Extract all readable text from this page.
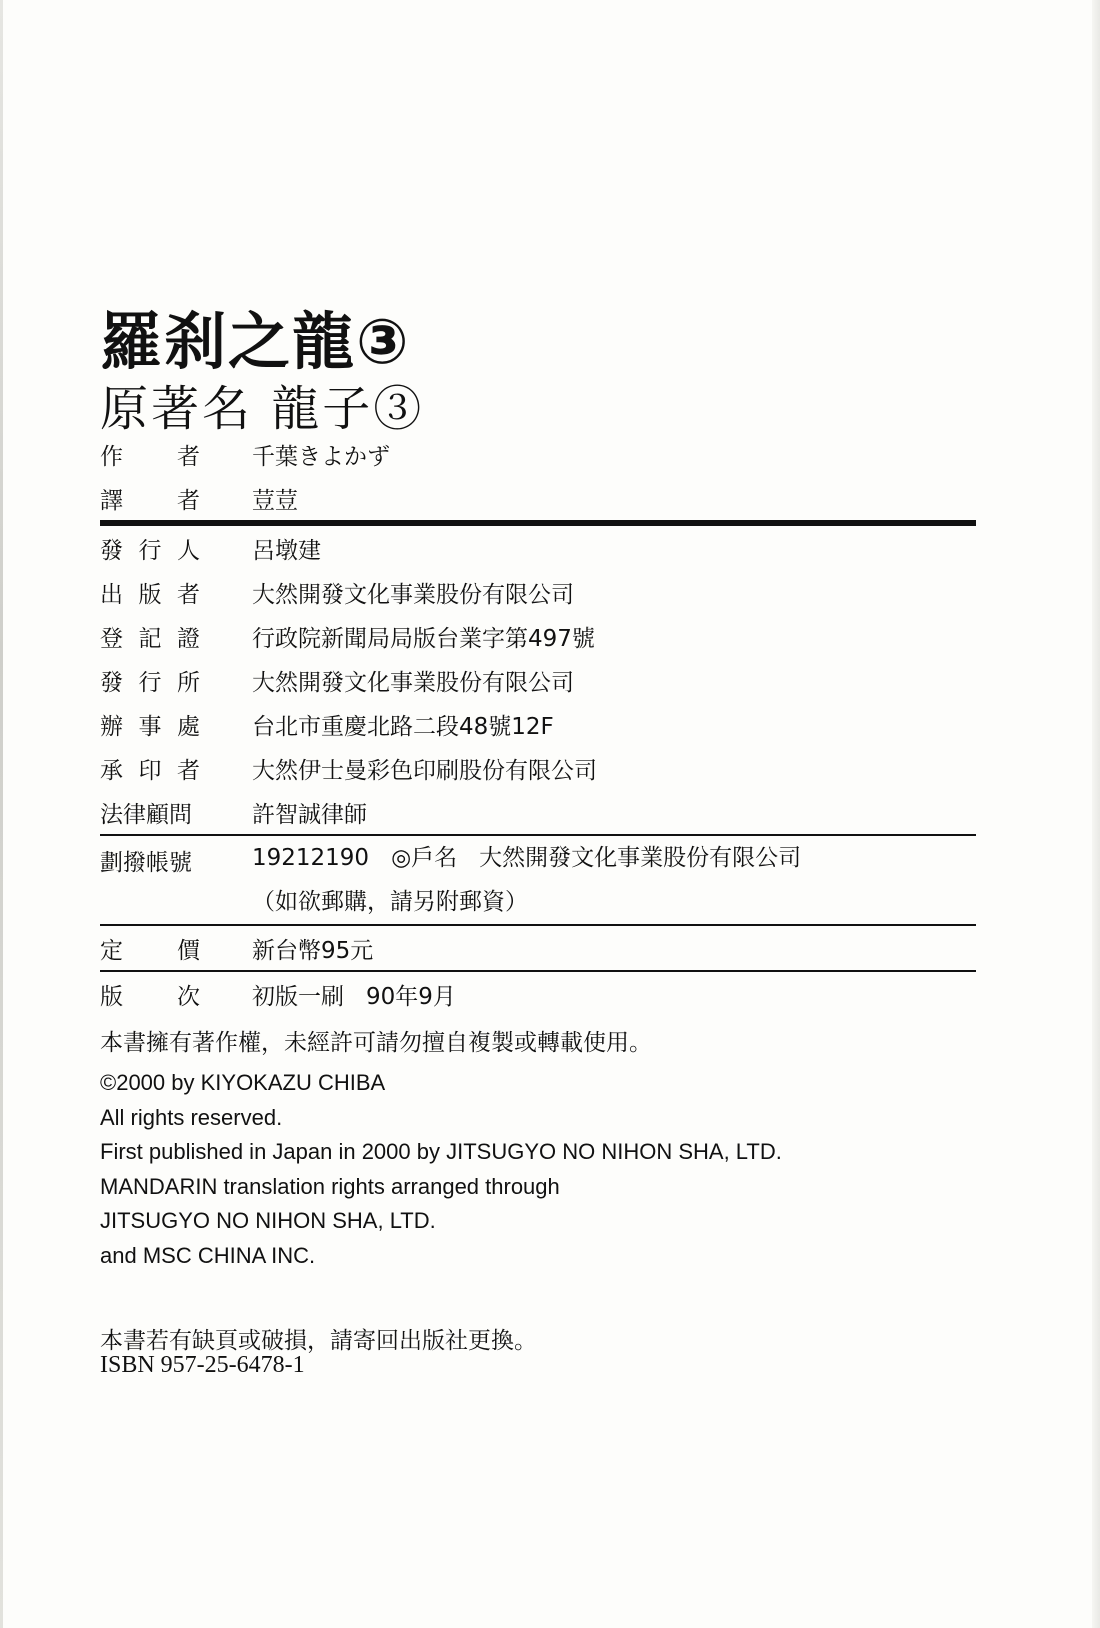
羅刹之龍③
原著名 龍子③
作 者 千葉きよかず
譯 者 荳荳
發 行 人 呂墩建
出 版 者 大然開發文化事業股份有限公司
登 記 證 行政院新聞局局版台業字第497號
發 行 所 大然開發文化事業股份有限公司
辦 事 處 台北市重慶北路二段48號12F
承 印 者 大然伊士曼彩色印刷股份有限公司
法律顧問	許智誠律師
劃撥帳號	19212190 ◎戶名 大然開發文化事業股份有限公司
（如欲郵購，請另附郵資）
定 價 新台幣95元
版 次 初版一刷 90年9月
本書擁有著作權，未經許可請勿擅自複製或轉載使用。
©2000 by KIYOKAZU CHIBA
All rights reserved.
First published in Japan in 2000 by JITSUGYO NO NIHON SHA, LTD.
MANDARIN translation rights arranged through
JITSUGYO NO NIHON SHA, LTD.
and MSC CHINA INC.
本書若有缺頁或破損，請寄回出版社更換。
ISBN 957-25-6478-1
